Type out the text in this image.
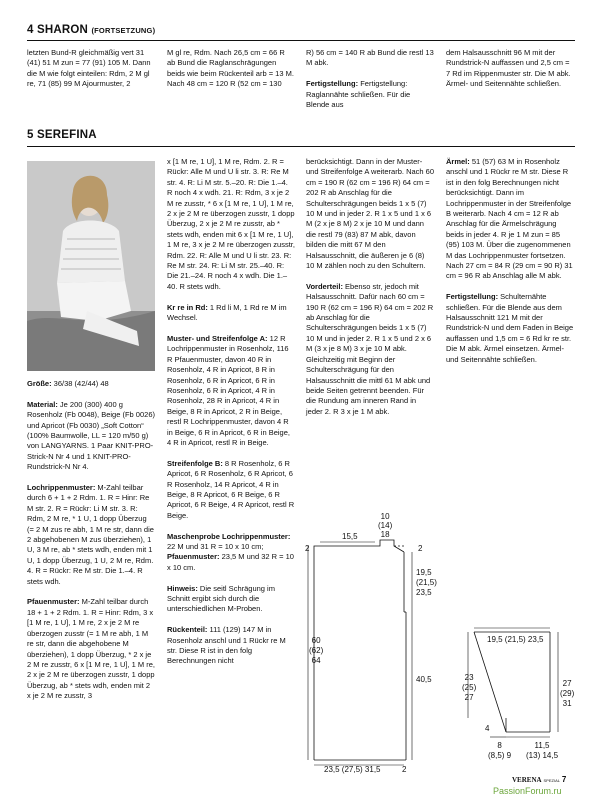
4 SHARON (FORTSETZUNG)

letzten Bund-R gleichmäßig vert 31 (41) 51 M zun = 77 (91) 105 M. Dann die M wie folgt einteilen: Rdm, 2 M gl re, 71 (85) 99 M Ajourmuster, 2

M gl re, Rdm. Nach 26,5 cm = 66 R ab Bund die Raglanschrägungen beids wie beim Rückenteil arb = 13 M. Nach 48 cm = 120 R (52 cm = 130

R) 56 cm = 140 R ab Bund die restl 13 M abk.

Fertigstellung: Fertigstellung: Raglannähte schließen. Für die Blende aus

dem Halsausschnitt 96 M mit der Rundstrick-N auffassen und 2,5 cm = 7 Rd im Rippenmuster str. Die M abk. Ärmel- und Seitennähte schließen.

5 SEREFINA

Größe: 36/38 (42/44) 48

Material: Je 200 (300) 400 g Rosenholz (Fb 0048), Beige (Fb 0026) und Apricot (Fb 0030) „Soft Cotton“ (100% Baumwolle, LL = 120 m/50 g) von LANGYARNS. 1 Paar KNIT-PRO-Strick-N Nr 4 und 1 KNIT-PRO-Rundstrick-N Nr 4.

Lochrippenmuster: M-Zahl teilbar durch 6 + 1 + 2 Rdm. 1. R = Hinr: Re M str. 2. R = Rückr: Li M str. 3. R: Rdm, 2 M re, * 1 U, 1 dopp Überzug (= 2 M zus re abh, 1 M re str, dann die 2 abgehobenen M zus überziehen), 1 U, 3 M re, ab * stets wdh, enden mit 1 U, 1 dopp Überzug, 1 U, 2 M re, Rdm. 4. R = Rückr: Re M str. Die 1.–4. R stets wdh.

Pfauenmuster: M-Zahl teilbar durch 18 + 1 + 2 Rdm. 1. R = Hinr: Rdm, 3 x [1 M re, 1 U], 1 M re, 2 x je 2 M re überzogen zusstr (= 1 M re abh, 1 M re str, dann die abgehobene M überziehen), 1 dopp Überzug, * 2 x je 2 M re zusstr, 6 x [1 M re, 1 U], 1 M re, 2 x je 2 M re überzogen zusstr, 1 dopp Überzug, ab * stets wdh, enden mit 2 x je 2 M re zusstr, 3

x [1 M re, 1 U], 1 M re, Rdm. 2. R = Rückr: Alle M und U li str. 3. R: Re M str. 4. R: Li M str. 5.–20. R: Die 1.–4. R noch 4 x wdh. 21. R: Rdm, 3 x je 2 M re zusstr, * 6 x [1 M re, 1 U], 1 M re, 2 x je 2 M re überzogen zusstr, 1 dopp Überzug, 2 x je 2 M re zusstr, ab * stets wdh, enden mit 6 x [1 M re, 1 U], 1 M re, 3 x je 2 M re überzogen zusstr, Rdm. 22. R: Alle M und U li str. 23. R: Re M str. 24. R: Li M str. 25.–40. R: Die 21.–24. R noch 4 x wdh. Die 1.–40. R stets wdh.

Kr re in Rd: 1 Rd li M, 1 Rd re M im Wechsel.

Muster- und Streifenfolge A: 12 R Lochrippenmuster in Rosenholz, 116 R Pfauenmuster, davon 40 R in Rosenholz, 4 R in Apricot, 8 R in Rosenholz, 6 R in Apricot, 6 R in Rosenholz, 6 R in Apricot, 4 R in Rosenholz, 28 R in Apricot, 4 R in Beige, 8 R in Apricot, 2 R in Beige, restl R Lochrippenmuster, davon 4 R in Beige, 6 R in Apricot, 6 R in Beige, 4 R in Apricot, restl R in Beige.

Streifenfolge B: 8 R Rosenholz, 6 R Apricot, 6 R Rosenholz, 6 R Apricot, 6 R Rosenholz, 14 R Apricot, 4 R in Beige, 8 R Apricot, 6 R Beige, 6 R Apricot, 6 R Beige, 4 R Apricot, restl R Beige.

Maschenprobe Lochrippenmuster: 22 M und 31 R = 10 x 10 cm; Pfauenmuster: 23,5 M und 32 R = 10 x 10 cm.

Hinweis: Die seitl Schrägung im Schnitt ergibt sich durch die unterschiedlichen M-Proben.

Rückenteil: 111 (129) 147 M in Rosenholz anschl und 1 Rückr re M str. Diese R ist in den folg Berechnungen nicht

berücksichtigt. Dann in der Muster- und Streifenfolge A weiterarb. Nach 60 cm = 190 R (62 cm = 196 R) 64 cm = 202 R ab Anschlag für die Schulterschrägungen beids 1 x 5 (7) 10 M und in jeder 2. R 1 x 5 und 1 x 6 M (2 x je 8 M) 2 x je 10 M und dann die restl 79 (83) 87 M abk, davon bilden die mitt 67 M den Halsausschnitt, die äußeren je 6 (8) 10 M zählen noch zu den Schultern.

Vorderteil: Ebenso str, jedoch mit Halsausschnitt. Dafür nach 60 cm = 190 R (62 cm = 196 R) 64 cm = 202 R ab Anschlag für die Schulterschrägungen beids 1 x 5 (7) 10 M und in jeder 2. R 1 x 5 und 2 x 6 M (3 x je 8 M) 3 x je 10 M abk. Gleichzeitig mit Beginn der Schulterschrägung für den Halsausschnitt die mittl 61 M abk und beide Seiten getrennt beenden. Für die Rundung am inneren Rand in jeder 2. R 3 x je 1 M abk.

Ärmel: 51 (57) 63 M in Rosenholz anschl und 1 Rückr re M str. Diese R ist in den folg Berechnungen nicht berücksichtigt. Dann im Lochrippenmuster in der Streifenfolge B weiterarb. Nach 4 cm = 12 R ab Anschlag für die Ärmelschrägung beids in jeder 4. R je 1 M zun = 85 (95) 103 M. Über die zugenommenen M das Lochrippenmuster fortsetzen. Nach 27 cm = 84 R (29 cm = 90 R) 31 cm = 96 R ab Anschlag alle M abk.

Fertigstellung: Schulternähte schließen. Für die Blende aus dem Halsausschnitt 121 M mit der Rundstrick-N und dem Faden in Beige auffassen und 1,5 cm = 6 Rd kr re str. Die M abk. Ärmel einsetzen. Ärmel- und Seitennähte schließen.

10
(14)
18
15,5
2	2
19,5
(21,5)
23,5
60
(62)
64
40,5
23,5 (27,5) 31,5	2
19,5 (21,5) 23,5
23
(25)
27
27
(29)
31
4
8
(8,5) 9
11,5
(13) 14,5
VERENA SPEZIAL 7
PassionForum.ru
